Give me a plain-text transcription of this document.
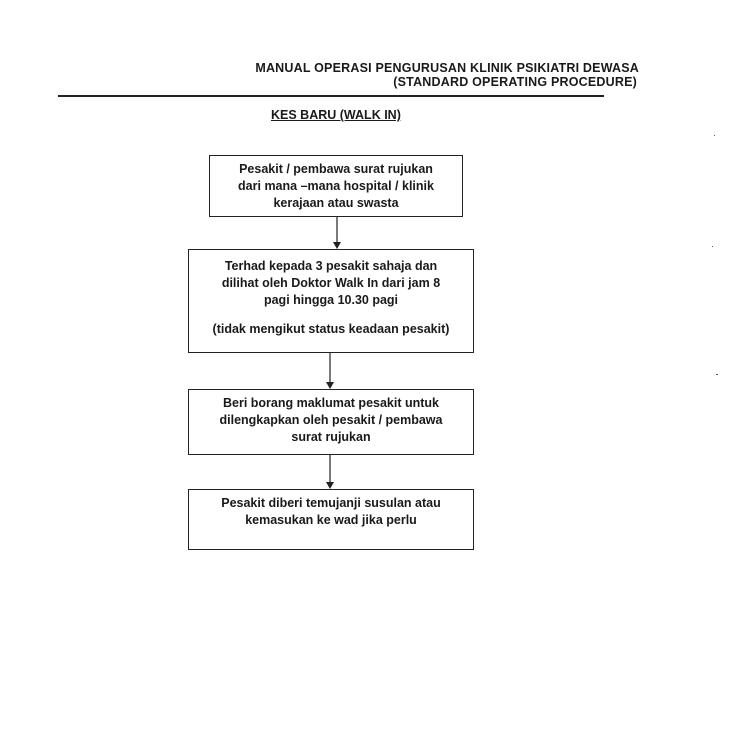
MANUAL OPERASI PENGURUSAN KLINIK PSIKIATRI DEWASA
(STANDARD OPERATING PROCEDURE)
KES BARU (WALK IN)
Pesakit / pembawa surat rujukan
dari mana –mana hospital / klinik
kerajaan atau swasta
Terhad kepada 3 pesakit sahaja dan
dilihat oleh Doktor Walk In dari jam 8
pagi hingga 10.30 pagi
(tidak mengikut status keadaan pesakit)
Beri borang maklumat pesakit untuk
dilengkapkan oleh pesakit / pembawa
surat rujukan
Pesakit diberi temujanji susulan atau
kemasukan ke wad jika perlu
